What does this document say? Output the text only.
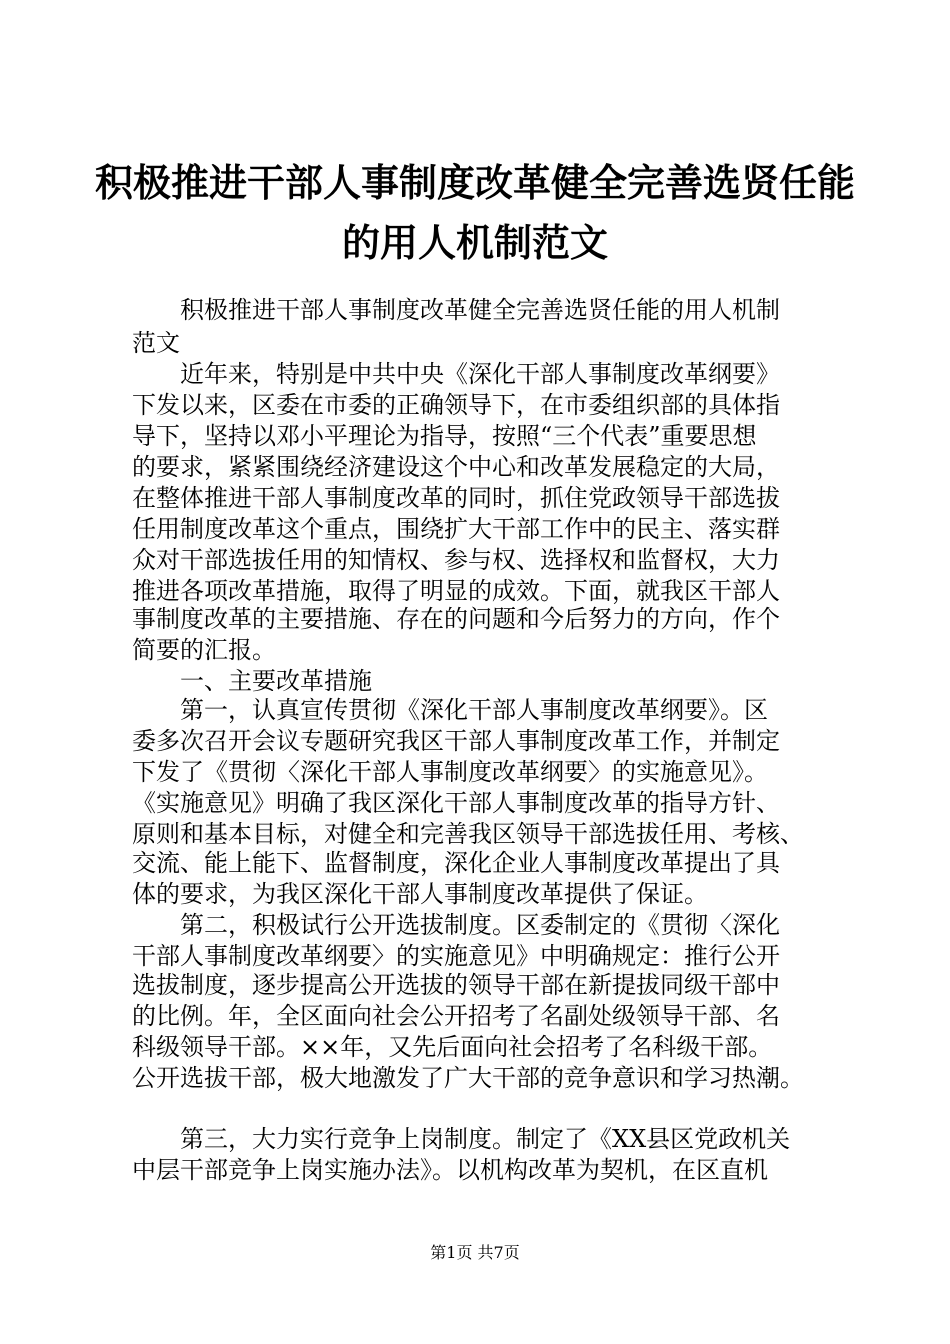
积极推进干部人事制度改革健全完善选贤任能
的用人机制范文
　　积极推进干部人事制度改革健全完善选贤任能的用人机制
范文
　　近年来，特别是中共中央《深化干部人事制度改革纲要》
下发以来，区委在市委的正确领导下，在市委组织部的具体指
导下，坚持以邓小平理论为指导，按照“三个代表”重要思想
的要求，紧紧围绕经济建设这个中心和改革发展稳定的大局，
在整体推进干部人事制度改革的同时，抓住党政领导干部选拔
任用制度改革这个重点，围绕扩大干部工作中的民主、落实群
众对干部选拔任用的知情权、参与权、选择权和监督权，大力
推进各项改革措施，取得了明显的成效。下面，就我区干部人
事制度改革的主要措施、存在的问题和今后努力的方向，作个
简要的汇报。
　　一、主要改革措施
　　第一，认真宣传贯彻《深化干部人事制度改革纲要》。区
委多次召开会议专题研究我区干部人事制度改革工作，并制定
下发了《贯彻〈深化干部人事制度改革纲要〉的实施意见》。
《实施意见》明确了我区深化干部人事制度改革的指导方针、
原则和基本目标，对健全和完善我区领导干部选拔任用、考核、
交流、能上能下、监督制度，深化企业人事制度改革提出了具
体的要求，为我区深化干部人事制度改革提供了保证。
　　第二，积极试行公开选拔制度。区委制定的《贯彻〈深化
干部人事制度改革纲要〉的实施意见》中明确规定：推行公开
选拔制度，逐步提高公开选拔的领导干部在新提拔同级干部中
的比例。年，全区面向社会公开招考了名副处级领导干部、名
科级领导干部。××年，又先后面向社会招考了名科级干部。
公开选拔干部，极大地激发了广大干部的竞争意识和学习热潮。
　　第三，大力实行竞争上岗制度。制定了《XX县区党政机关
中层干部竞争上岗实施办法》。以机构改革为契机，在区直机
第1页 共7页
